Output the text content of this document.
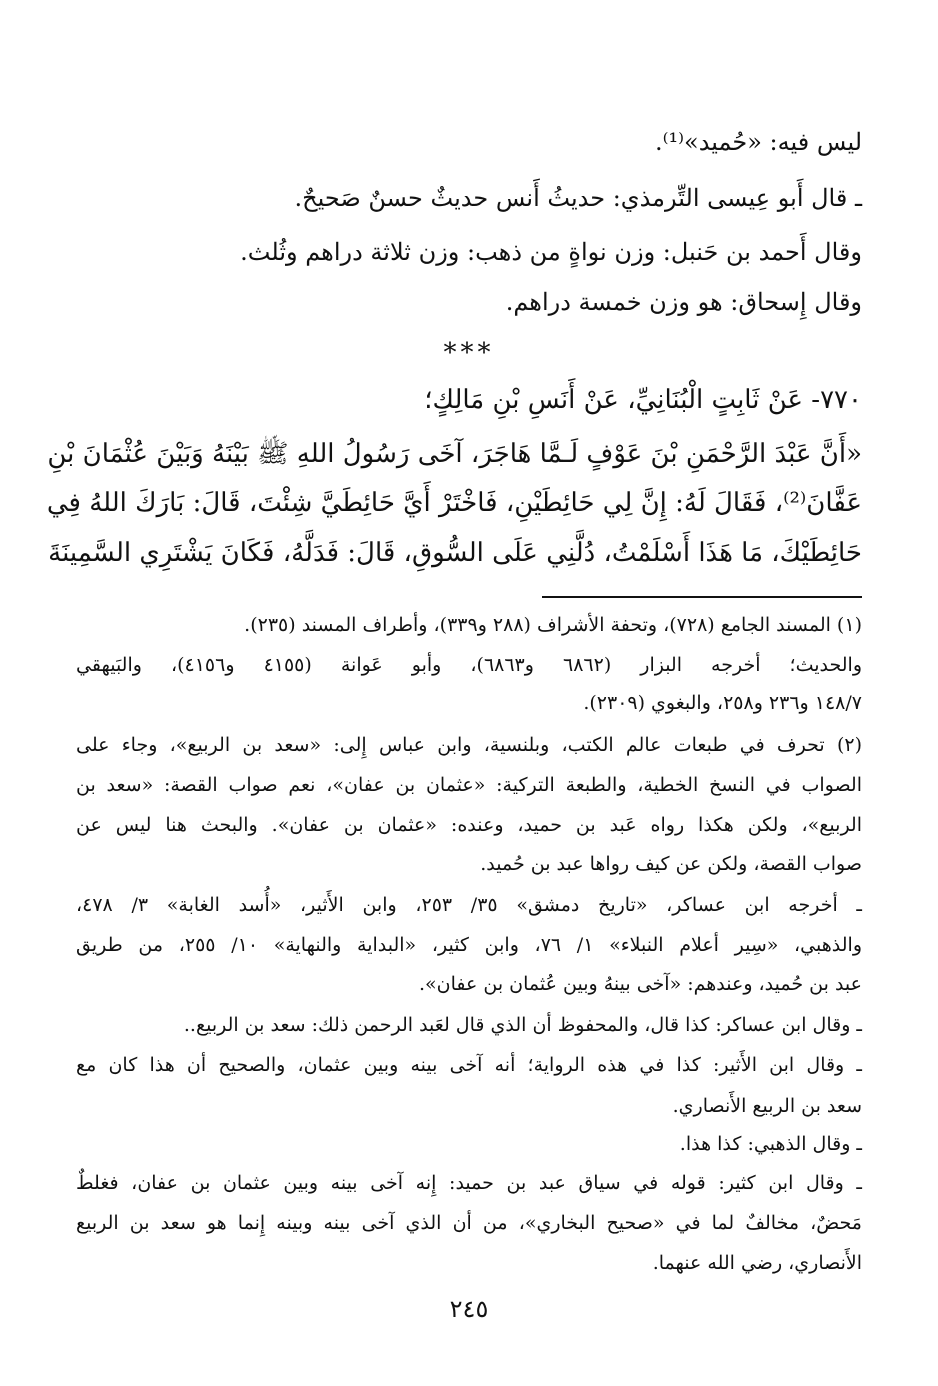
ليس فيه: «حُميد»⁽¹⁾.
ـ قال أَبو عِيسى التِّرمذي: حديثُ أَنس حديثٌ حسنٌ صَحيحٌ.
وقال أَحمد بن حَنبل: وزن نواةٍ من ذهب: وزن ثلاثة دراهم وثُلث.
وقال إِسحاق: هو وزن خمسة دراهم.
***
٧٧٠- عَنْ ثَابِتٍ الْبُنَانِيِّ، عَنْ أَنَسِ بْنِ مَالِكٍ؛
«أَنَّ عَبْدَ الرَّحْمَنِ بْنَ عَوْفٍ لَـمَّا هَاجَرَ، آخَى رَسُولُ اللهِ ﷺ بَيْنَهُ وَبَيْنَ عُثْمَانَ بْنِ
عَفَّانَ⁽²⁾، فَقَالَ لَهُ: إِنَّ لِي حَائِطَيْنِ، فَاخْتَرْ أَيَّ حَائِطَيَّ شِئْتَ، قَالَ: بَارَكَ اللهُ فِي
حَائِطَيْكَ، مَا هَذَا أَسْلَمْتُ، دُلَّنِي عَلَى السُّوقِ، قَالَ: فَدَلَّهُ، فَكَانَ يَشْتَرِي السَّمِينَةَ
(١) المسند الجامع (٧٢٨)، وتحفة الأشراف (٢٨٨ و٣٣٩)، وأطراف المسند (٢٣٥).
والحديث؛ أخرجه البزار (٦٨٦٢ و٦٨٦٣)، وأبو عَوانة (٤١٥٥ و٤١٥٦)، والبَيهقي
١٤٨/٧ و٢٣٦ و٢٥٨، والبغوي (٢٣٠٩).
(٢) تحرف في طبعات عالم الكتب، وبلنسية، وابن عباس إِلى: «سعد بن الربيع»، وجاء على
الصواب في النسخ الخطية، والطبعة التركية: «عثمان بن عفان»، نعم صواب القصة: «سعد بن
الربيع»، ولكن هكذا رواه عَبد بن حميد، وعنده: «عثمان بن عفان». والبحث هنا ليس عن
صواب القصة، ولكن عن كيف رواها عبد بن حُميد.
ـ أخرجه ابن عساكر، «تاريخ دمشق» ٣٥/ ٢٥٣، وابن الأَثير، «أُسد الغابة» ٣/ ٤٧٨،
والذهبي، «سِير أعلام النبلاء» ١/ ٧٦، وابن كثير، «البداية والنهاية» ١٠/ ٢٥٥، من طريق
عبد بن حُميد، وعندهم: «آخى بينهُ وبين عُثمان بن عفان».
ـ وقال ابن عساكر: كذا قال، والمحفوظ أن الذي قال لعَبد الرحمن ذلك: سعد بن الربيع..
ـ وقال ابن الأَثير: كذا في هذه الرواية؛ أنه آخى بينه وبين عثمان، والصحيح أن هذا كان مع
سعد بن الربيع الأَنصاري.
ـ وقال الذهبي: كذا هذا.
ـ وقال ابن كثير: قوله في سياق عبد بن حميد: إِنه آخى بينه وبين عثمان بن عفان، فغلطٌ
مَحضٌ، مخالفٌ لما في «صحيح البخاري»، من أن الذي آخى بينه وبينه إِنما هو سعد بن الربيع
الأَنصاري، رضي الله عنهما.
٢٤٥
